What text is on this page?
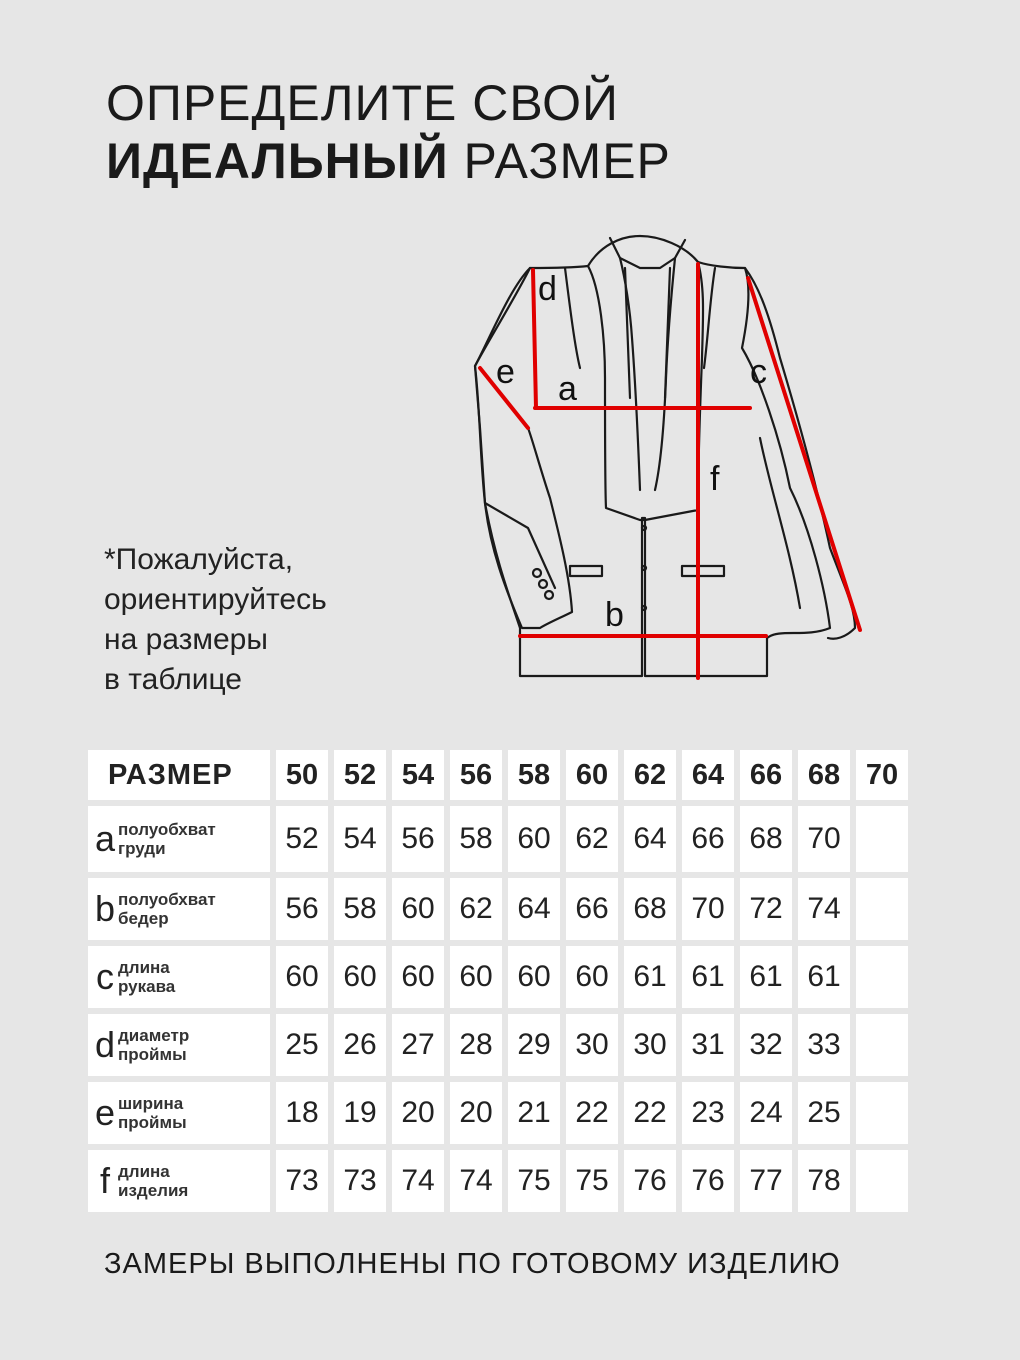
ОПРЕДЕЛИТЕ СВОЙ
ИДЕАЛЬНЫЙ РАЗМЕР
*Пожалуйста,
ориентируйтесь
на размеры
в таблице
a
b
c
d
e
f
РАЗМЕР	50	52	54	56	58	60	62	64	66	68	70
a полуобхват
груди	52	54	56	58	60	62	64	66	68	70	
b полуобхват
бедер	56	58	60	62	64	66	68	70	72	74	
c длина
рукава	60	60	60	60	60	60	61	61	61	61	
d диаметр
проймы	25	26	27	28	29	30	30	31	32	33	
e ширина
проймы	18	19	20	20	21	22	22	23	24	25	
f длина
изделия	73	73	74	74	75	75	76	76	77	78	
ЗАМЕРЫ ВЫПОЛНЕНЫ ПО ГОТОВОМУ ИЗДЕЛИЮ
